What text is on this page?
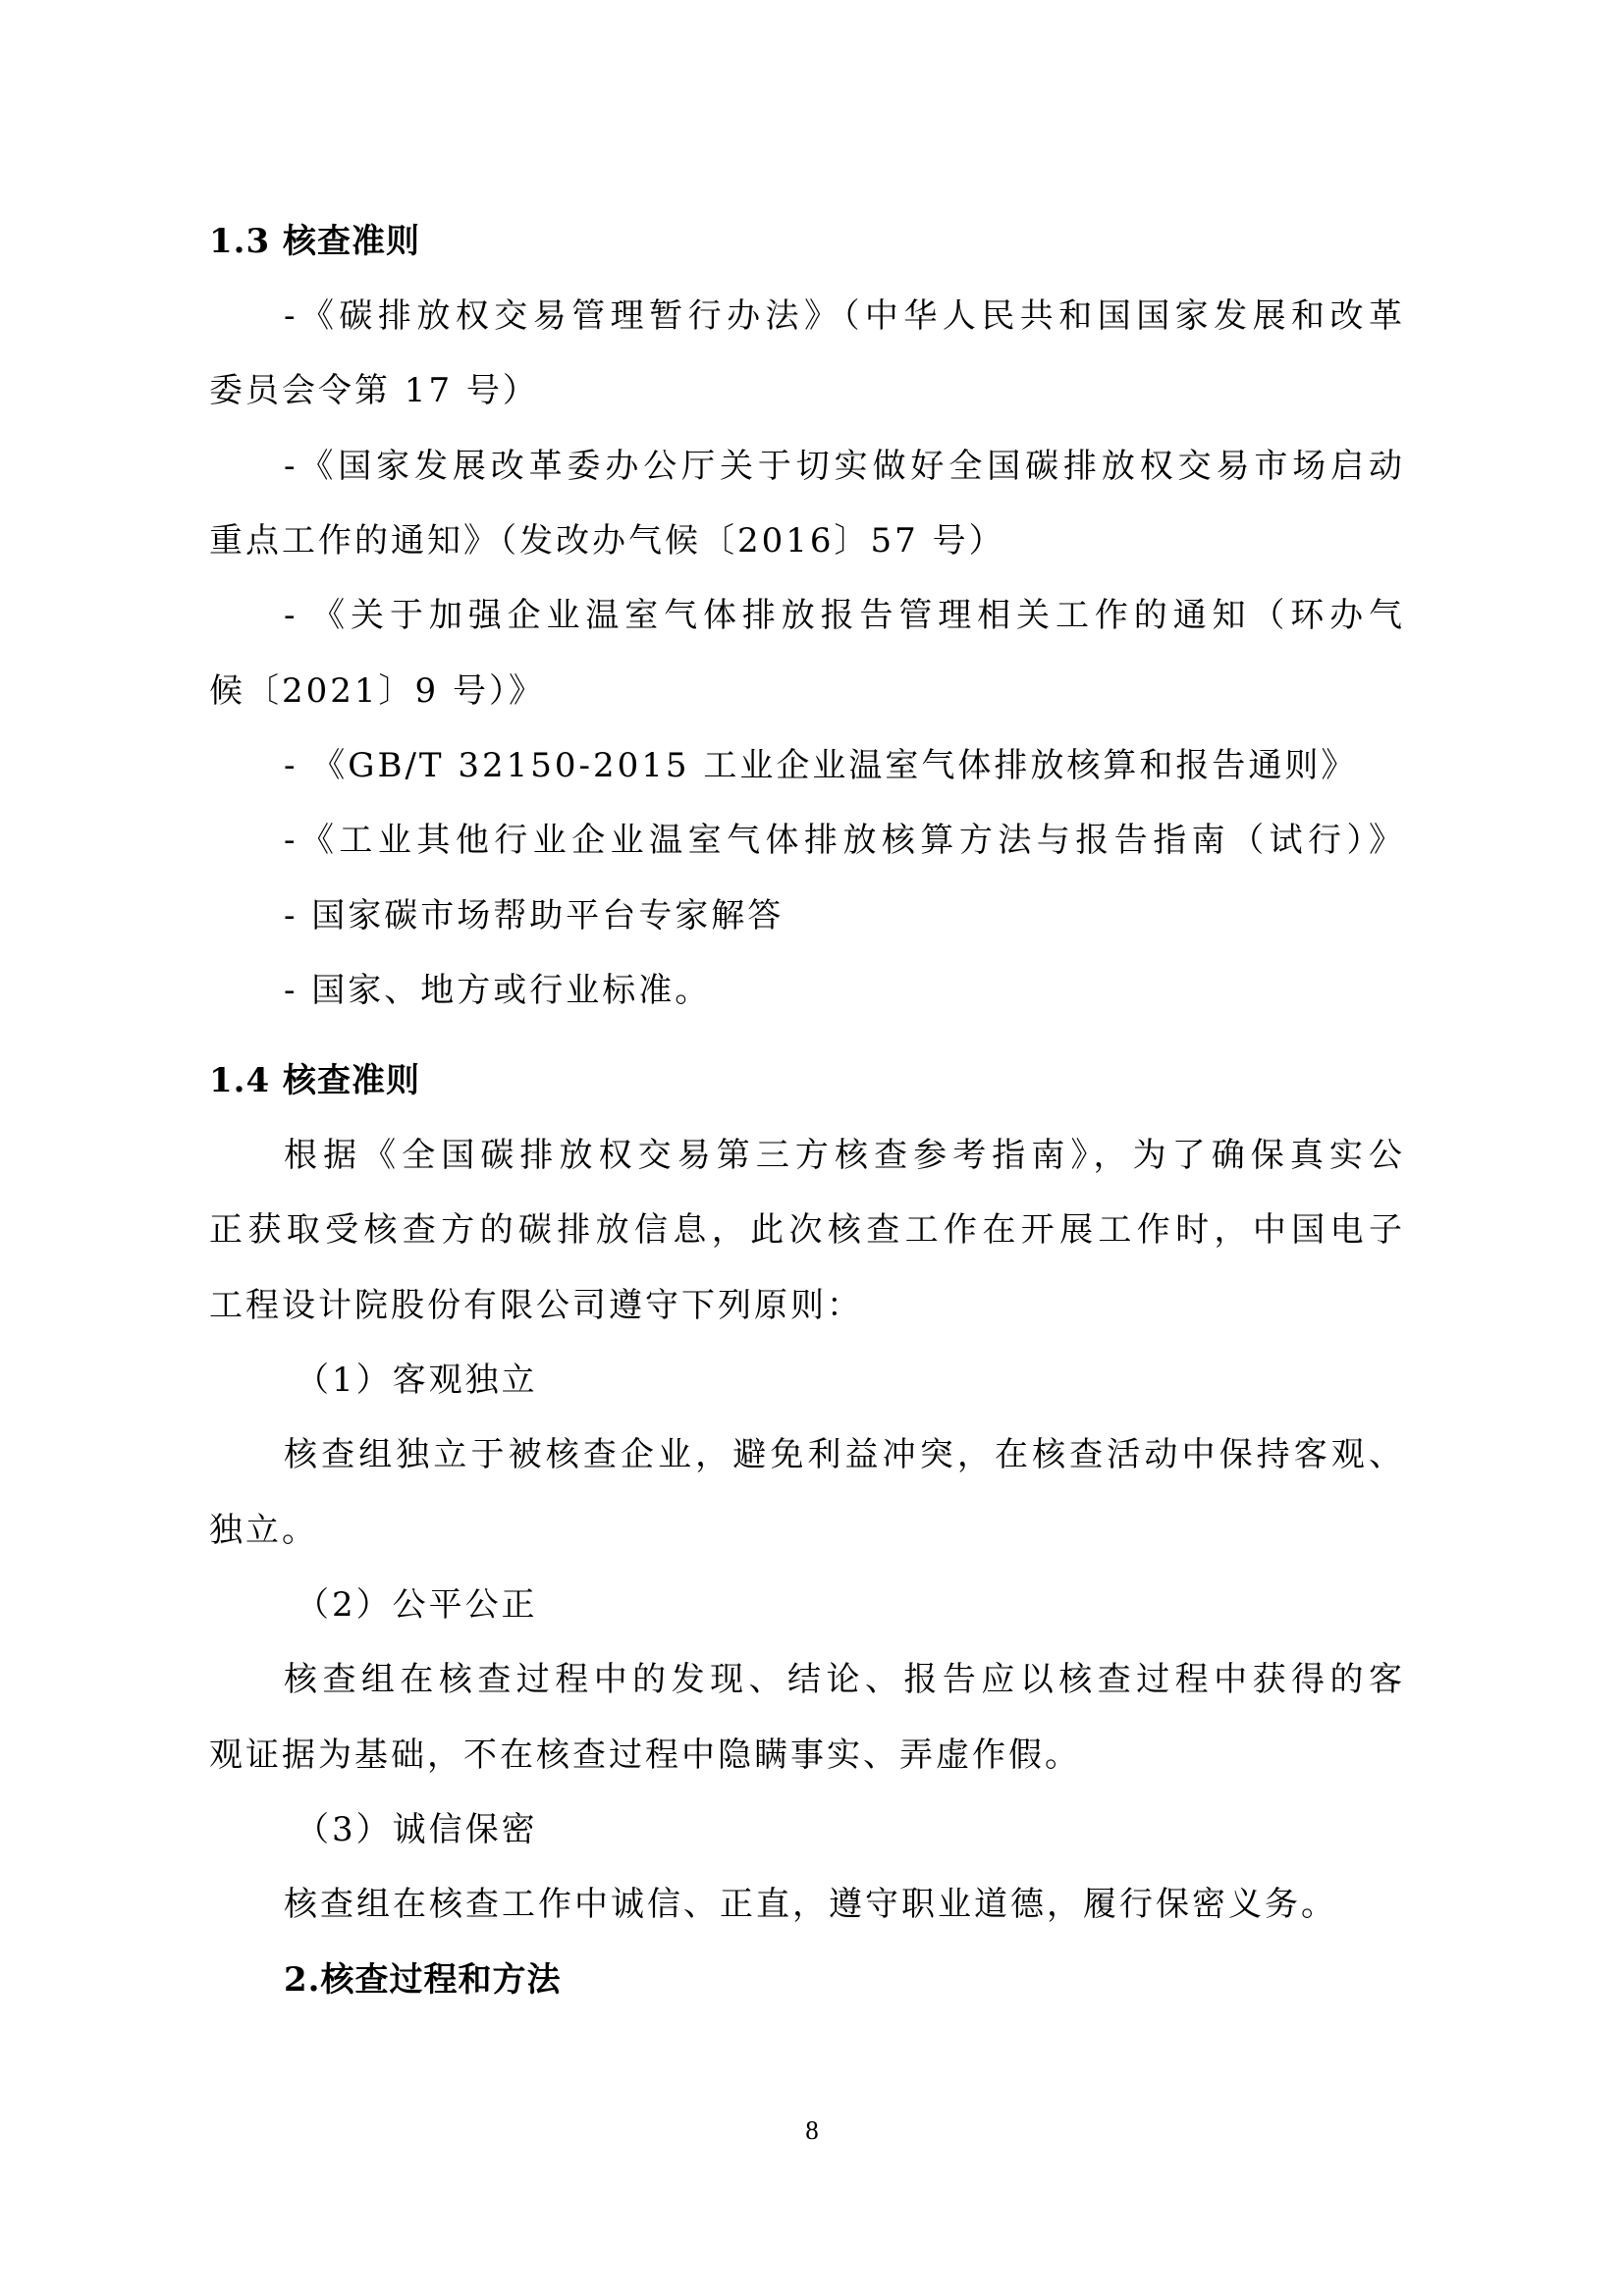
1.3 核查准则
-《碳排放权交易管理暂行办法》（中华人民共和国国家发展和改革
委员会令第 17 号）
-《国家发展改革委办公厅关于切实做好全国碳排放权交易市场启动
重点工作的通知》（发改办气候〔2016〕57 号）
- 《关于加强企业温室气体排放报告管理相关工作的通知（环办气
候〔2021〕9 号）》
- 《GB/T 32150-2015 工业企业温室气体排放核算和报告通则》
-《工业其他行业企业温室气体排放核算方法与报告指南（试行）》
- 国家碳市场帮助平台专家解答
- 国家、地方或行业标准。
1.4 核查准则
根据《全国碳排放权交易第三方核查参考指南》，为了确保真实公
正获取受核查方的碳排放信息，此次核查工作在开展工作时，中国电子
工程设计院股份有限公司遵守下列原则：
（1）客观独立
核查组独立于被核查企业，避免利益冲突，在核查活动中保持客观、
独立。
（2）公平公正
核查组在核查过程中的发现、结论、报告应以核查过程中获得的客
观证据为基础，不在核查过程中隐瞒事实、弄虚作假。
（3）诚信保密
核查组在核查工作中诚信、正直，遵守职业道德，履行保密义务。
2.核查过程和方法
8
